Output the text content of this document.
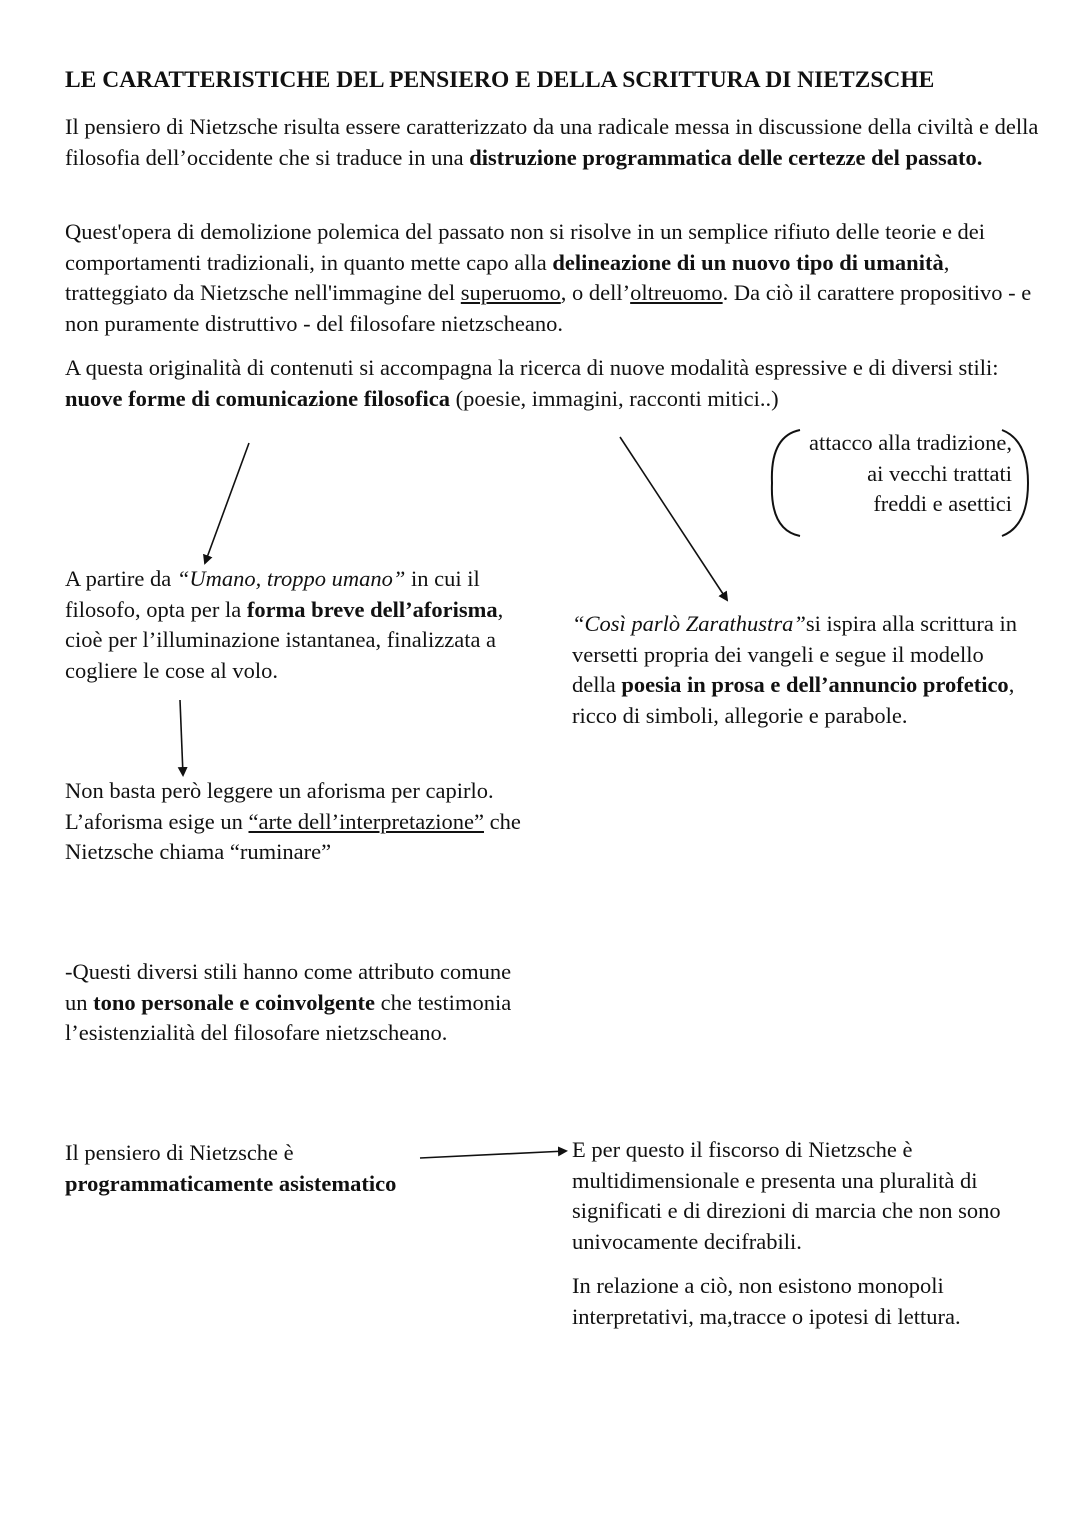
LE CARATTERISTICHE DEL PENSIERO E DELLA SCRITTURA DI NIETZSCHE

Il pensiero di Nietzsche risulta essere caratterizzato da una radicale messa in discussione della civiltà e della filosofia dell’occidente che si traduce in una distruzione programmatica delle certezze del passato.

Quest'opera di demolizione polemica del passato non si risolve in un semplice rifiuto delle teorie e dei comportamenti tradizionali, in quanto mette capo alla delineazione di un nuovo tipo di umanità, tratteggiato da Nietzsche nell'immagine del superuomo, o dell’oltreuomo. Da ciò il carattere propositivo - e non puramente distruttivo - del filosofare nietzscheano.

A questa originalità di contenuti si accompagna la ricerca di nuove modalità espressive e di diversi stili: nuove forme di comunicazione filosofica (poesie, immagini, racconti mitici..)

attacco alla tradizione,
ai vecchi trattati
freddi e asettici

A partire da “Umano, troppo umano” in cui il filosofo, opta per la forma breve dell’aforisma, cioè per l’illuminazione istantanea, finalizzata a cogliere le cose al volo.

Non basta però leggere un aforisma per capirlo. L’aforisma esige un “arte dell’interpretazione” che Nietzsche chiama “ruminare”

-Questi diversi stili hanno come attributo comune un tono personale e coinvolgente che testimonia l’esistenzialità del filosofare nietzscheano.

Il pensiero di Nietzsche è programmaticamente asistematico

“Così parlò Zarathustra”si ispira alla scrittura in versetti propria dei vangeli e segue il modello della poesia in prosa e dell’annuncio profetico, ricco di simboli, allegorie e parabole.

E per questo il fiscorso di Nietzsche è multidimensionale e presenta una pluralità di significati e di direzioni di marcia che non sono univocamente decifrabili.

In relazione a ciò, non esistono monopoli interpretativi, ma,tracce o ipotesi di lettura.
